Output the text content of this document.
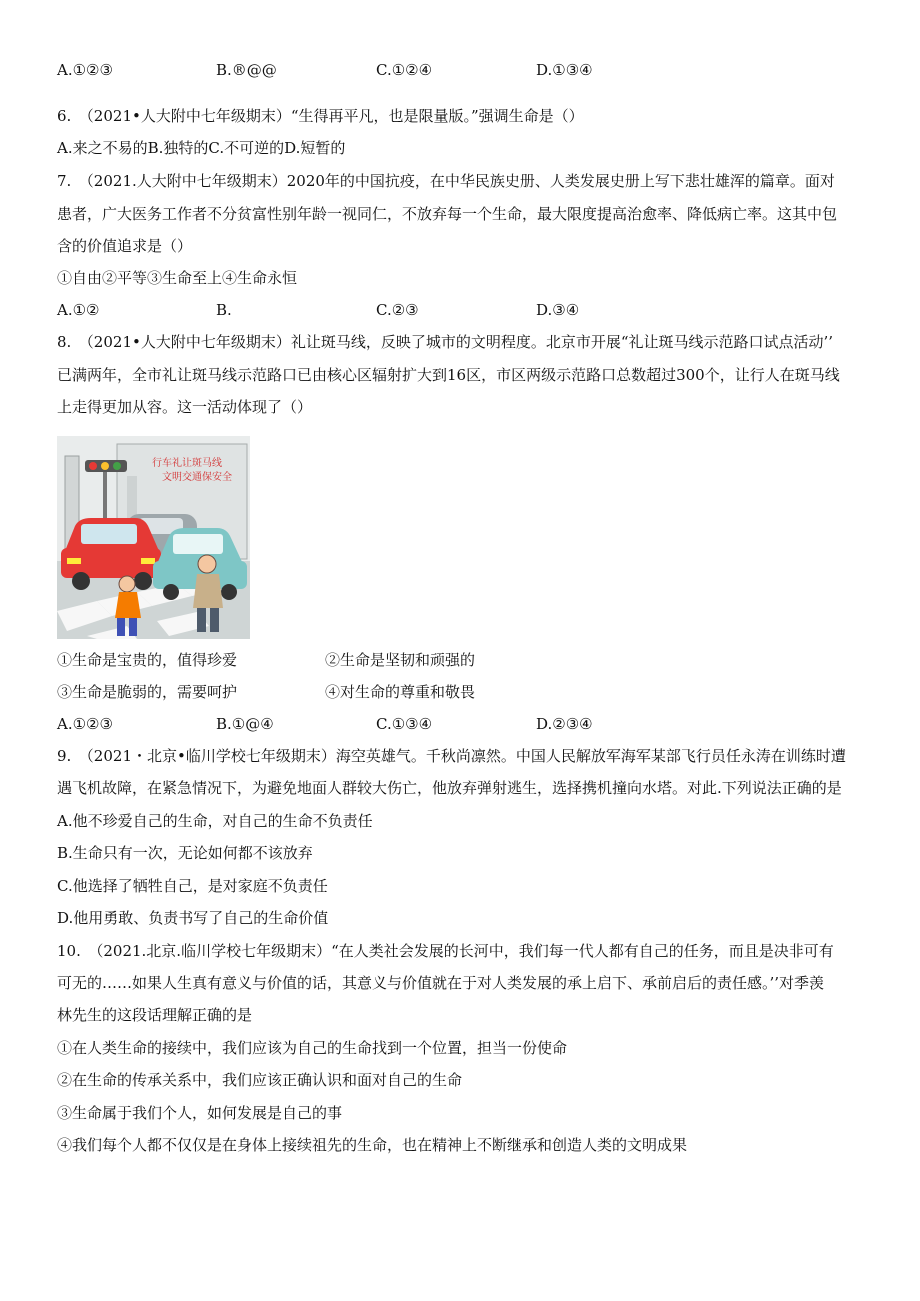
A.①②③	B.®@@	C.①②④	D.①③④
6.　（2021•人大附中七年级期末）“生得再平凡，也是限量版。”强调生命是（）
A.来之不易的B.独特的C.不可逆的D.短暂的
7.　（2021.人大附中七年级期末）2020年的中国抗疫，在中华民族史册、人类发展史册上写下悲壮雄浑的篇章。面对
患者，广大医务工作者不分贫富性别年龄一视同仁，不放弃每一个生命，最大限度提高治愈率、降低病亡率。这其中包
含的价值追求是（）
①自由②平等③生命至上④生命永恒
A.①②	B.	C.②③	D.③④
8.　（2021•人大附中七年级期末）礼让斑马线，反映了城市的文明程度。北京市开展“礼让斑马线示范路口试点活动’’
已满两年，全市礼让斑马线示范路口已由核心区辐射扩大到16区，市区两级示范路口总数超过300个，让行人在斑马线
上走得更加从容。这一活动体现了（）
行车礼让斑马线
文明交通保安全
①生命是宝贵的，值得珍爱	②生命是坚韧和顽强的
③生命是脆弱的，需要呵护	④对生命的尊重和敬畏
A.①②③	B.①@④	C.①③④	D.②③④
9.　（2021・北京•临川学校七年级期末）海空英雄气。千秋尚凛然。中国人民解放军海军某部飞行员任永涛在训练时遭
遇飞机故障，在紧急情况下，为避免地面人群较大伤亡，他放弃弹射逃生，选择携机撞向水塔。对此.下列说法正确的是
A.他不珍爱自己的生命，对自己的生命不负责任
B.生命只有一次，无论如何都不该放弃
C.他选择了牺牲自己，是对家庭不负责任
D.他用勇敢、负责书写了自己的生命价值
10.　（2021.北京.临川学校七年级期末）“在人类社会发展的长河中，我们每一代人都有自己的任务，而且是决非可有
可无的……如果人生真有意义与价值的话，其意义与价值就在于对人类发展的承上启下、承前启后的责任感。’’对季羡
林先生的这段话理解正确的是
①在人类生命的接续中，我们应该为自己的生命找到一个位置，担当一份使命
②在生命的传承关系中，我们应该正确认识和面对自己的生命
③生命属于我们个人，如何发展是自己的事
④我们每个人都不仅仅是在身体上接续祖先的生命，也在精神上不断继承和创造人类的文明成果
